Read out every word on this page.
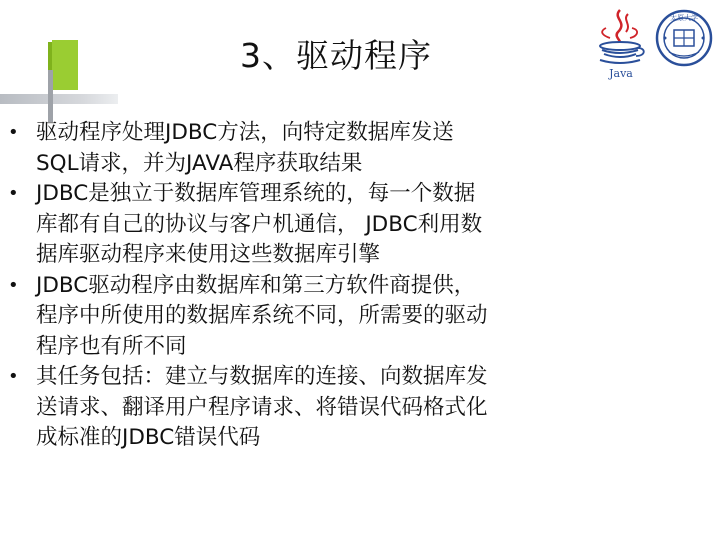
3、驱动程序	Java
太原大学
• 驱动程序处理JDBC方法，向特定数据库发送
SQL请求，并为JAVA程序获取结果
• JDBC是独立于数据库管理系统的，每一个数据
库都有自己的协议与客户机通信， JDBC利用数
据库驱动程序来使用这些数据库引擎
• JDBC驱动程序由数据库和第三方软件商提供，
程序中所使用的数据库系统不同，所需要的驱动
程序也有所不同
• 其任务包括：建立与数据库的连接、向数据库发
送请求、翻译用户程序请求、将错误代码格式化
成标准的JDBC错误代码
